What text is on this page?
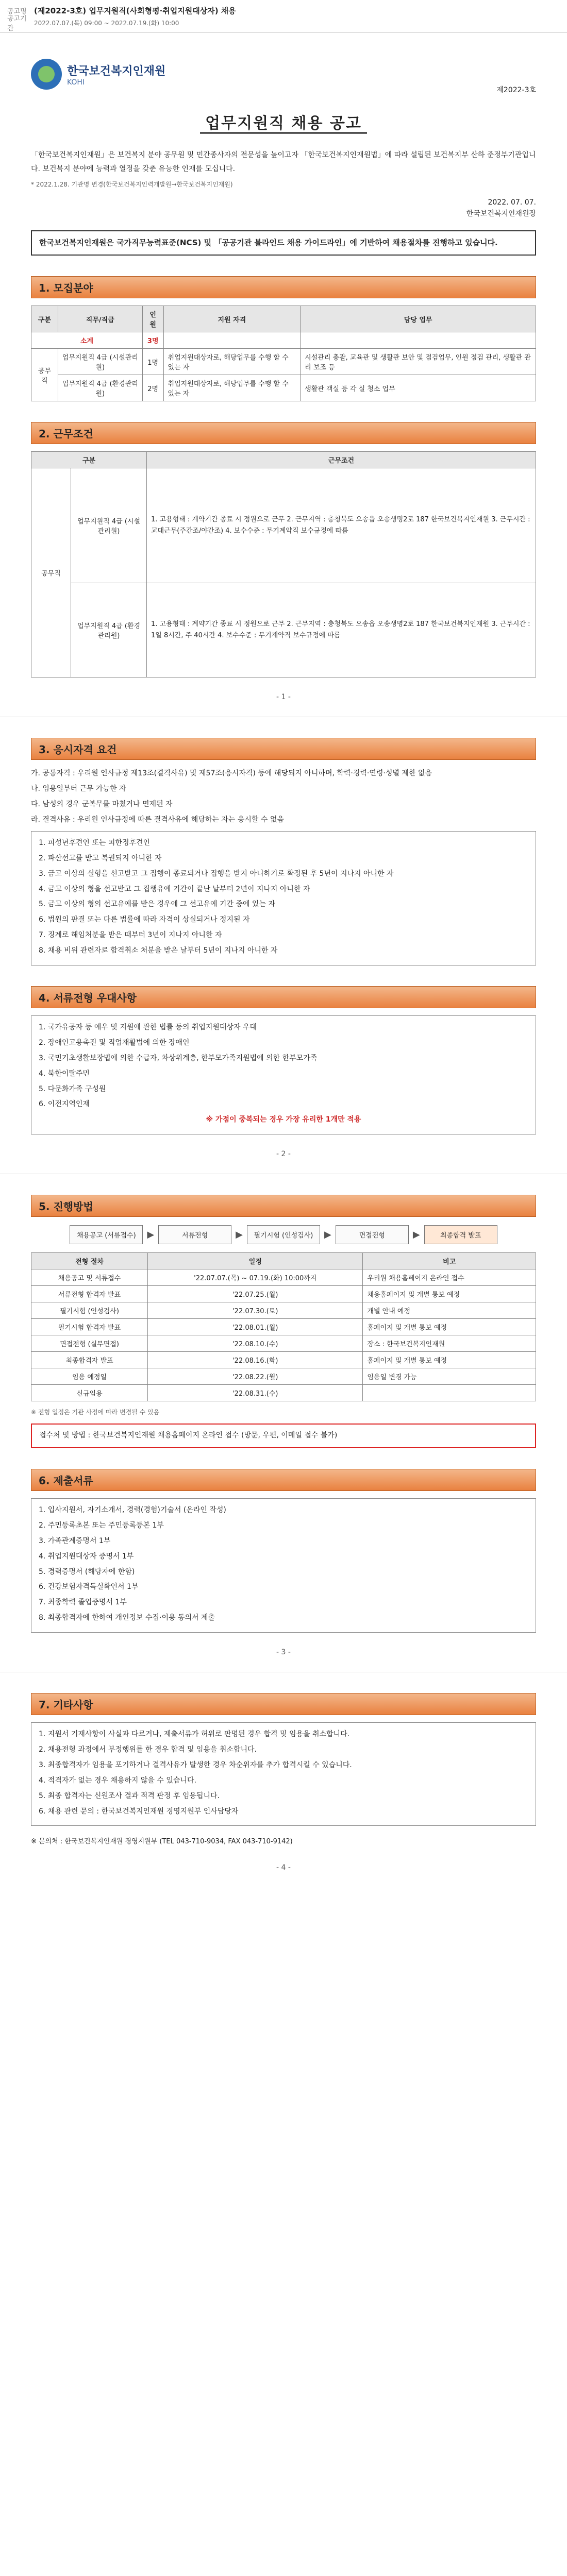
공고명 (제2022-3호) 업무지원직(사회형평·취업지원대상자) 채용
공고기간
2022.07.07.(목) 09:00 ~ 2022.07.19.(화) 10:00
한국보건복지인재원
KOHI
제2022-3호
업무지원직 채용 공고

「한국보건복지인재원」은 보건복지 분야 공무원 및 민간종사자의 전문성을 높이고자 「한국보건복지인재원법」에 따라 설립된 보건복지부 산하 준정부기관입니다. 보건복지 분야에 능력과 열정을 갖춘 유능한 인재를 모십니다.

* 2022.1.28. 기관명 변경(한국보건복지인력개발원→한국보건복지인재원)

2022. 07. 07.
한국보건복지인재원장
한국보건복지인재원은 국가직무능력표준(NCS) 및 「공공기관 블라인드 채용 가이드라인」에 기반하여 채용절차를 진행하고 있습니다.
1. 모집분야
구분	직무/직급	인원	지원 자격	담당 업무
소계		3명		
공무직	업무지원직 4급 (시설관리원)	1명	취업지원대상자로, 해당업무를 수행 할 수 있는 자	시설관리 총괄, 교육관 및 생활관 보안 및 점검업무, 인원 점검 관리, 생활관 관리 보조 등
	업무지원직 4급 (환경관리원)	2명	취업지원대상자로, 해당업무를 수행 할 수 있는 자	생활관 객실 등 각 실 청소 업무
2. 근무조건
구분		근무조건
공무직	업무지원직 4급 (시설관리원)	1. 고용형태 : 계약기간 종료 시 정원으로 근무 2. 근무지역 : 충청북도 오송읍 오송생명2로 187 한국보건복지인재원 3. 근무시간 : 교대근무(주간조/야간조) 4. 보수수준 : 무기계약직 보수규정에 따름
	업무지원직 4급 (환경관리원)	1. 고용형태 : 계약기간 종료 시 정원으로 근무 2. 근무지역 : 충청북도 오송읍 오송생명2로 187 한국보건복지인재원 3. 근무시간 : 1일 8시간, 주 40시간 4. 보수수준 : 무기계약직 보수규정에 따름
- 1 -
3. 응시자격 요건

가. 공통자격 : 우리원 인사규정 제13조(결격사유) 및 제57조(응시자격) 등에 해당되지 아니하며, 학력·경력·연령·성별 제한 없음

나. 임용일부터 근무 가능한 자

다. 남성의 경우 군복무를 마쳤거나 면제된 자

라. 결격사유 : 우리원 인사규정에 따른 결격사유에 해당하는 자는 응시할 수 없음

1. 피성년후견인 또는 피한정후견인

2. 파산선고를 받고 복권되지 아니한 자

3. 금고 이상의 실형을 선고받고 그 집행이 종료되거나 집행을 받지 아니하기로 확정된 후 5년이 지나지 아니한 자

4. 금고 이상의 형을 선고받고 그 집행유예 기간이 끝난 날부터 2년이 지나지 아니한 자

5. 금고 이상의 형의 선고유예를 받은 경우에 그 선고유예 기간 중에 있는 자

6. 법원의 판결 또는 다른 법률에 따라 자격이 상실되거나 정지된 자

7. 징계로 해임처분을 받은 때부터 3년이 지나지 아니한 자

8. 채용 비위 관련자로 합격취소 처분을 받은 날부터 5년이 지나지 아니한 자

4. 서류전형 우대사항

1. 국가유공자 등 예우 및 지원에 관한 법률 등의 취업지원대상자 우대

2. 장애인고용촉진 및 직업재활법에 의한 장애인

3. 국민기초생활보장법에 의한 수급자, 차상위계층, 한부모가족지원법에 의한 한부모가족

4. 북한이탈주민

5. 다문화가족 구성원

6. 이전지역인재

※ 가점이 중복되는 경우 가장 유리한 1개만 적용

- 2 -
5. 진행방법
채용공고 (서류접수)	▶	서류전형	▶	필기시험 (인성검사)	▶	면접전형	▶	최종합격 발표
전형 절차	일정	비고
채용공고 및 서류접수	'22.07.07.(목) ~ 07.19.(화) 10:00까지	우리원 채용홈페이지 온라인 접수
서류전형 합격자 발표	'22.07.25.(월)	채용홈페이지 및 개별 통보 예정
필기시험 (인성검사)	'22.07.30.(토)	개별 안내 예정
필기시험 합격자 발표	'22.08.01.(월)	홈페이지 및 개별 통보 예정
면접전형 (실무면접)	'22.08.10.(수)	장소 : 한국보건복지인재원
최종합격자 발표	'22.08.16.(화)	홈페이지 및 개별 통보 예정
임용 예정일	'22.08.22.(월)	임용일 변경 가능
신규임용	'22.08.31.(수)	

※ 전형 일정은 기관 사정에 따라 변경될 수 있음

접수처 및 방법 : 한국보건복지인재원 채용홈페이지 온라인 접수 (방문, 우편, 이메일 접수 불가)
6. 제출서류

1. 입사지원서, 자기소개서, 경력(경험)기술서 (온라인 작성)

2. 주민등록초본 또는 주민등록등본 1부

3. 가족관계증명서 1부

4. 취업지원대상자 증명서 1부

5. 경력증명서 (해당자에 한함)

6. 건강보험자격득실확인서 1부

7. 최종학력 졸업증명서 1부

8. 최종합격자에 한하여 개인정보 수집·이용 동의서 제출

- 3 -
7. 기타사항

1. 지원서 기재사항이 사실과 다르거나, 제출서류가 허위로 판명된 경우 합격 및 임용을 취소합니다.

2. 채용전형 과정에서 부정행위를 한 경우 합격 및 임용을 취소합니다.

3. 최종합격자가 임용을 포기하거나 결격사유가 발생한 경우 차순위자를 추가 합격시킬 수 있습니다.

4. 적격자가 없는 경우 채용하지 않을 수 있습니다.

5. 최종 합격자는 신원조사 결과 적격 판정 후 임용됩니다.

6. 채용 관련 문의 : 한국보건복지인재원 경영지원부 인사담당자

※ 문의처 : 한국보건복지인재원 경영지원부 (TEL 043-710-9034, FAX 043-710-9142)
- 4 -
